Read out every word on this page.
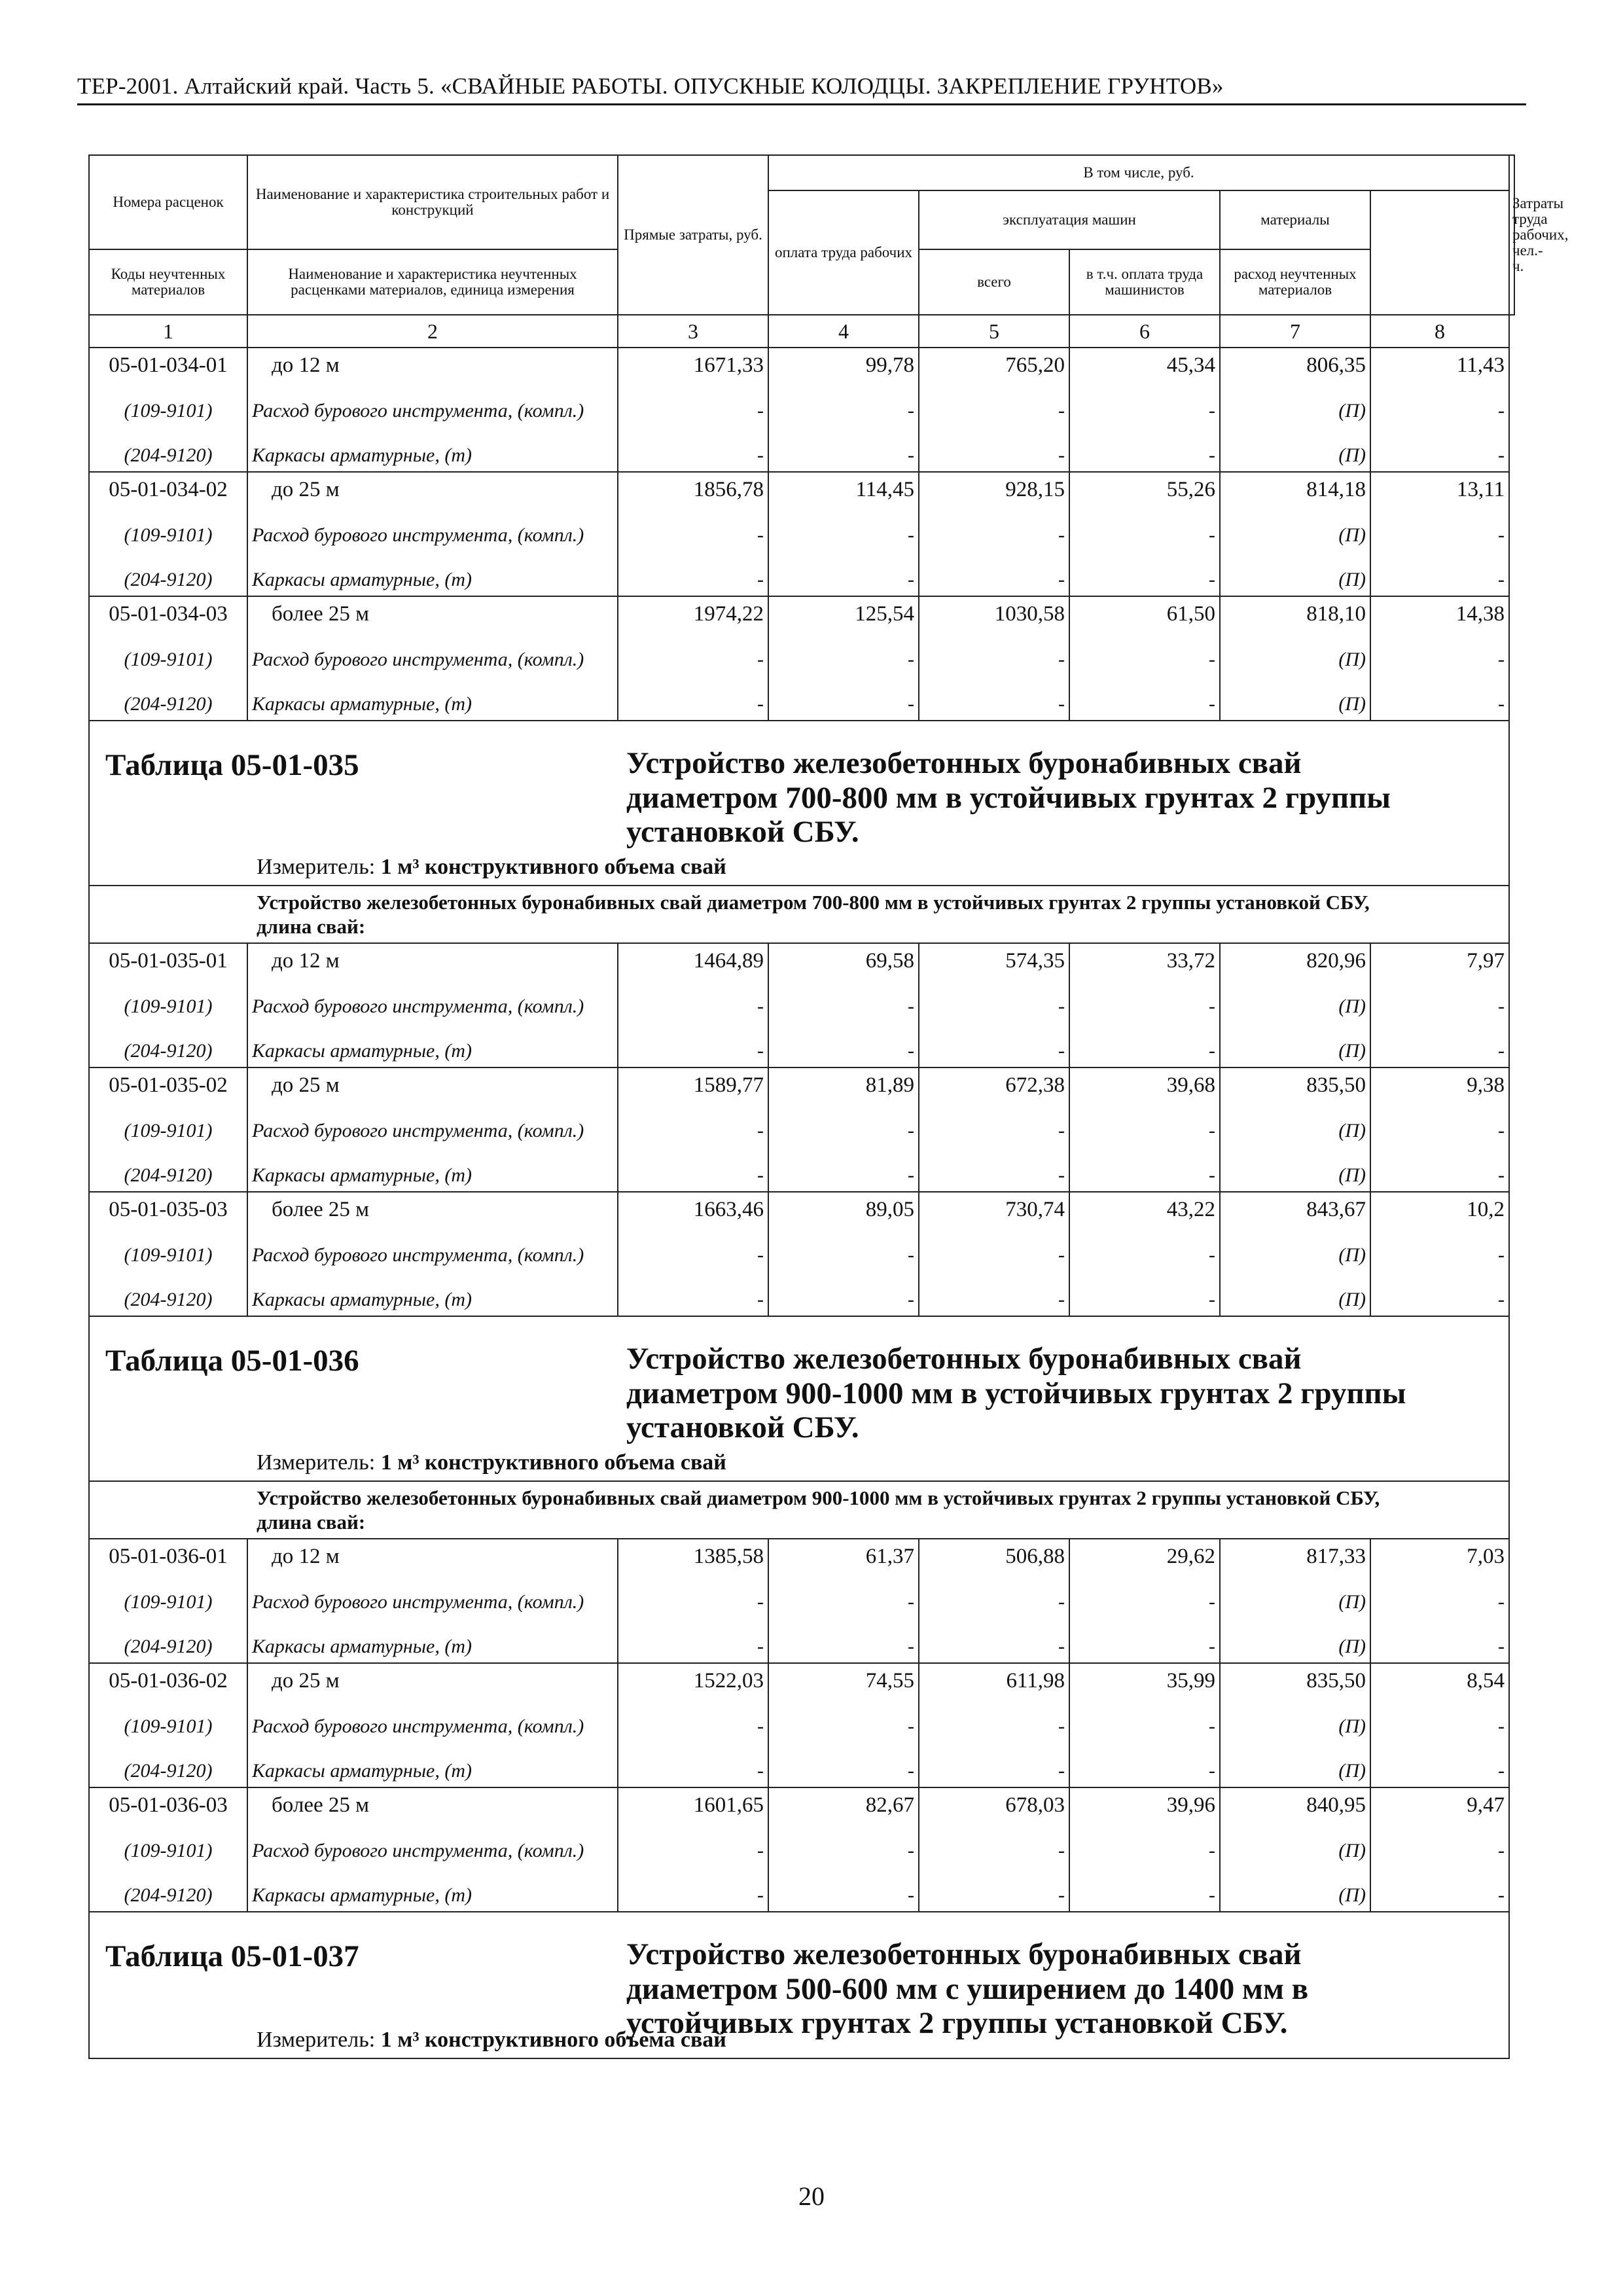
ТЕР-2001. Алтайский край. Часть 5. «СВАЙНЫЕ РАБОТЫ. ОПУСКНЫЕ КОЛОДЦЫ. ЗАКРЕПЛЕНИЕ ГРУНТОВ»
Номера расценок	Наименование и характеристика строительных работ и конструкций	Прямые затраты, руб.	В том числе, руб.					Затраты труда рабочих, чел.-ч.
			оплата труда рабочих	эксплуатация машин		материалы		
Коды неучтенных материалов	Наименование и характеристика неучтенных расценками материалов, единица измерения			всего	в т.ч. оплата труда машинистов	расход неучтенных материалов		
1	2	3	4	5	6	7	8	
05-01-034-01	до 12 м	1671,33	99,78	765,20	45,34	806,35	11,43	
(109-9101)	Расход бурового инструмента, (компл.)	-	-	-	-	(П)	-	
(204-9120)	Каркасы арматурные, (т)	-	-	-	-	(П)	-	
05-01-034-02	до 25 м	1856,78	114,45	928,15	55,26	814,18	13,11	
(109-9101)	Расход бурового инструмента, (компл.)	-	-	-	-	(П)	-	
(204-9120)	Каркасы арматурные, (т)	-	-	-	-	(П)	-	
05-01-034-03	более 25 м	1974,22	125,54	1030,58	61,50	818,10	14,38	
(109-9101)	Расход бурового инструмента, (компл.)	-	-	-	-	(П)	-	
(204-9120)	Каркасы арматурные, (т)	-	-	-	-	(П)	-	

Таблица 05-01-035 Устройство железобетонных буронабивных свай диаметром 700-800 мм в устойчивых грунтах 2 группы установкой СБУ.
Измеритель: 1 м³ конструктивного объема свай								

Устройство железобетонных буронабивных свай диаметром 700-800 мм в устойчивых грунтах 2 группы установкой СБУ, длина свай:								
05-01-035-01	до 12 м	1464,89	69,58	574,35	33,72	820,96	7,97	
(109-9101)	Расход бурового инструмента, (компл.)	-	-	-	-	(П)	-	
(204-9120)	Каркасы арматурные, (т)	-	-	-	-	(П)	-	
05-01-035-02	до 25 м	1589,77	81,89	672,38	39,68	835,50	9,38	
(109-9101)	Расход бурового инструмента, (компл.)	-	-	-	-	(П)	-	
(204-9120)	Каркасы арматурные, (т)	-	-	-	-	(П)	-	
05-01-035-03	более 25 м	1663,46	89,05	730,74	43,22	843,67	10,2	
(109-9101)	Расход бурового инструмента, (компл.)	-	-	-	-	(П)	-	
(204-9120)	Каркасы арматурные, (т)	-	-	-	-	(П)	-	

Таблица 05-01-036 Устройство железобетонных буронабивных свай диаметром 900-1000 мм в устойчивых грунтах 2 группы установкой СБУ.
Измеритель: 1 м³ конструктивного объема свай								

Устройство железобетонных буронабивных свай диаметром 900-1000 мм в устойчивых грунтах 2 группы установкой СБУ, длина свай:								
05-01-036-01	до 12 м	1385,58	61,37	506,88	29,62	817,33	7,03	
(109-9101)	Расход бурового инструмента, (компл.)	-	-	-	-	(П)	-	
(204-9120)	Каркасы арматурные, (т)	-	-	-	-	(П)	-	
05-01-036-02	до 25 м	1522,03	74,55	611,98	35,99	835,50	8,54	
(109-9101)	Расход бурового инструмента, (компл.)	-	-	-	-	(П)	-	
(204-9120)	Каркасы арматурные, (т)	-	-	-	-	(П)	-	
05-01-036-03	более 25 м	1601,65	82,67	678,03	39,96	840,95	9,47	
(109-9101)	Расход бурового инструмента, (компл.)	-	-	-	-	(П)	-	
(204-9120)	Каркасы арматурные, (т)	-	-	-	-	(П)	-	

Таблица 05-01-037 Устройство железобетонных буронабивных свай диаметром 500-600 мм с уширением до 1400 мм в устойчивых грунтах 2 группы установкой СБУ.
Измеритель: 1 м³ конструктивного объема свай								
20
